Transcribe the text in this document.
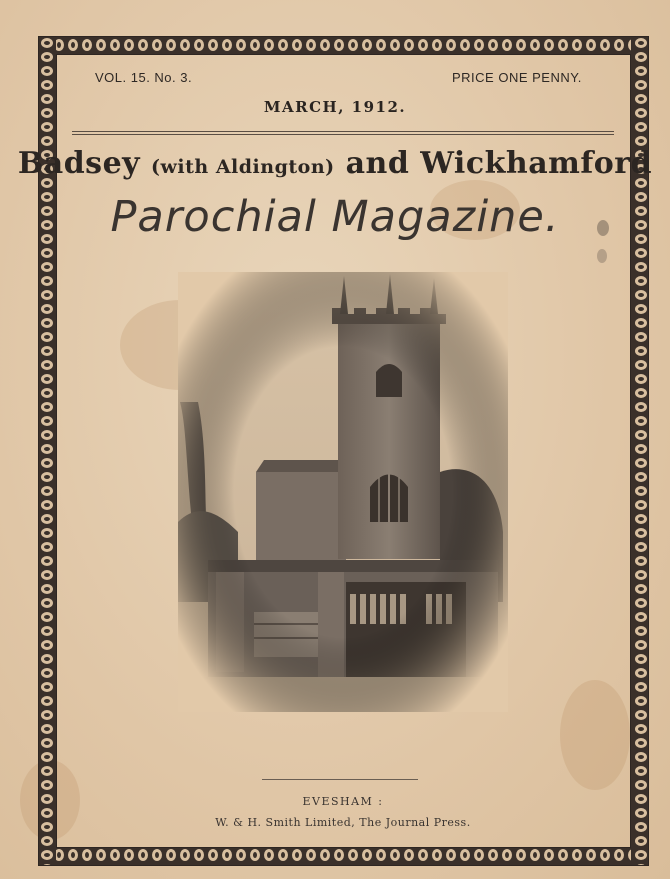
VOL. 15. No. 3.	PRICE ONE PENNY.
MARCH, 1912.
Badsey (with Aldington) and Wickhamford
Parochial Magazine.
EVESHAM :
W. & H. Smith Limited, The Journal Press.
